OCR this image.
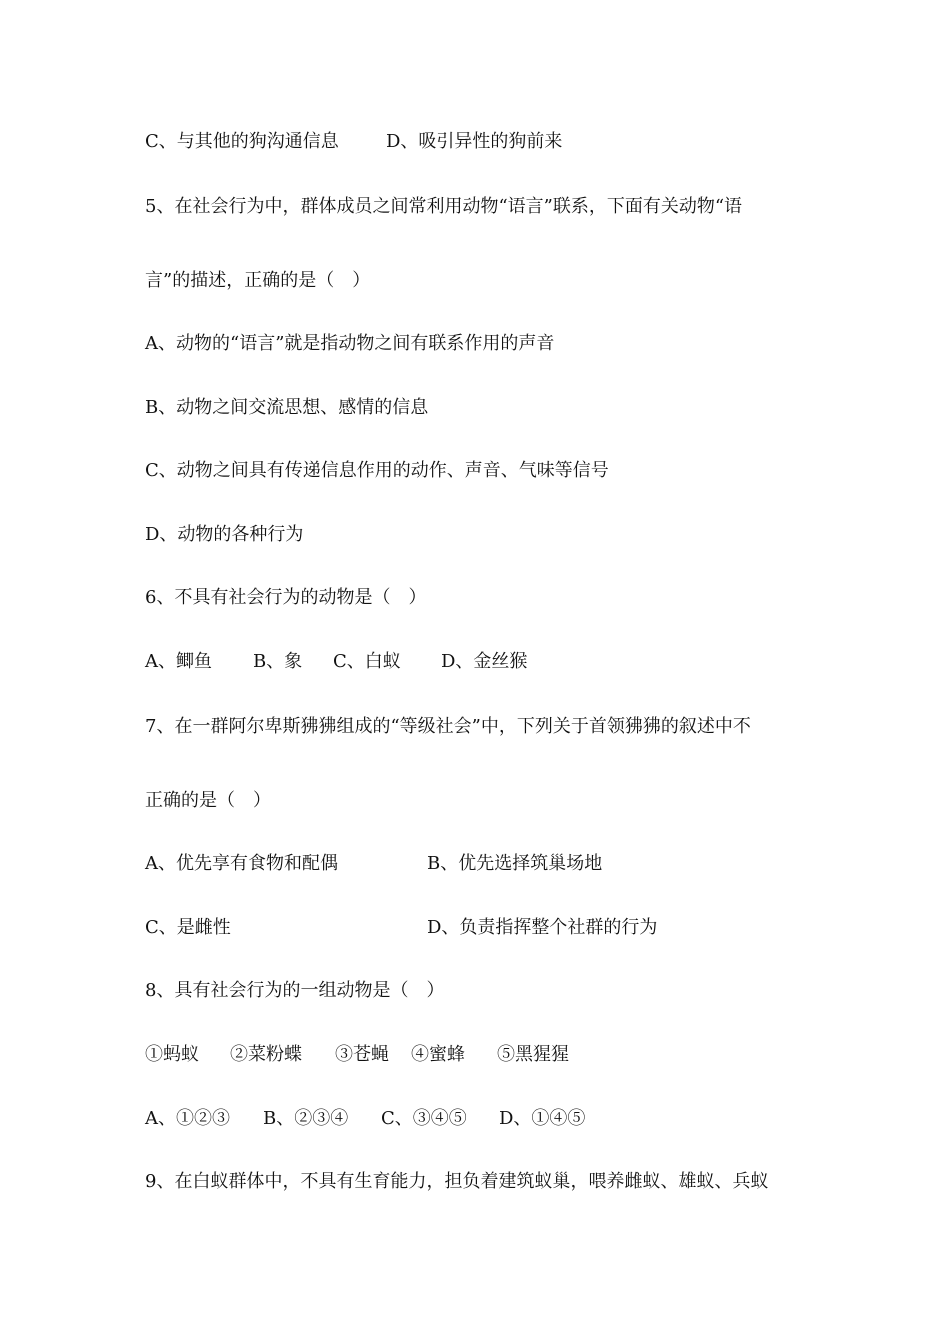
C、与其他的狗沟通信息	D、吸引异性的狗前来
5、在社会行为中，群体成员之间常利用动物“语言”联系，下面有关动物“语
言”的描述，正确的是（　）
A、动物的“语言”就是指动物之间有联系作用的声音
B、动物之间交流思想、感情的信息
C、动物之间具有传递信息作用的动作、声音、气味等信号
D、动物的各种行为
6、不具有社会行为的动物是（　）
A、鲫鱼 B、象 C、白蚁 D、金丝猴
7、在一群阿尔卑斯狒狒组成的“等级社会”中，下列关于首领狒狒的叙述中不
正确的是（　）
A、优先享有食物和配偶	B、优先选择筑巢场地
C、是雌性	D、负责指挥整个社群的行为
8、具有社会行为的一组动物是（　）
①蚂蚁 ②菜粉蝶 ③苍蝇 ④蜜蜂 ⑤黑猩猩
A、①②③ B、②③④ C、③④⑤ D、①④⑤
9、在白蚁群体中，不具有生育能力，担负着建筑蚁巢，喂养雌蚁、雄蚁、兵蚁
